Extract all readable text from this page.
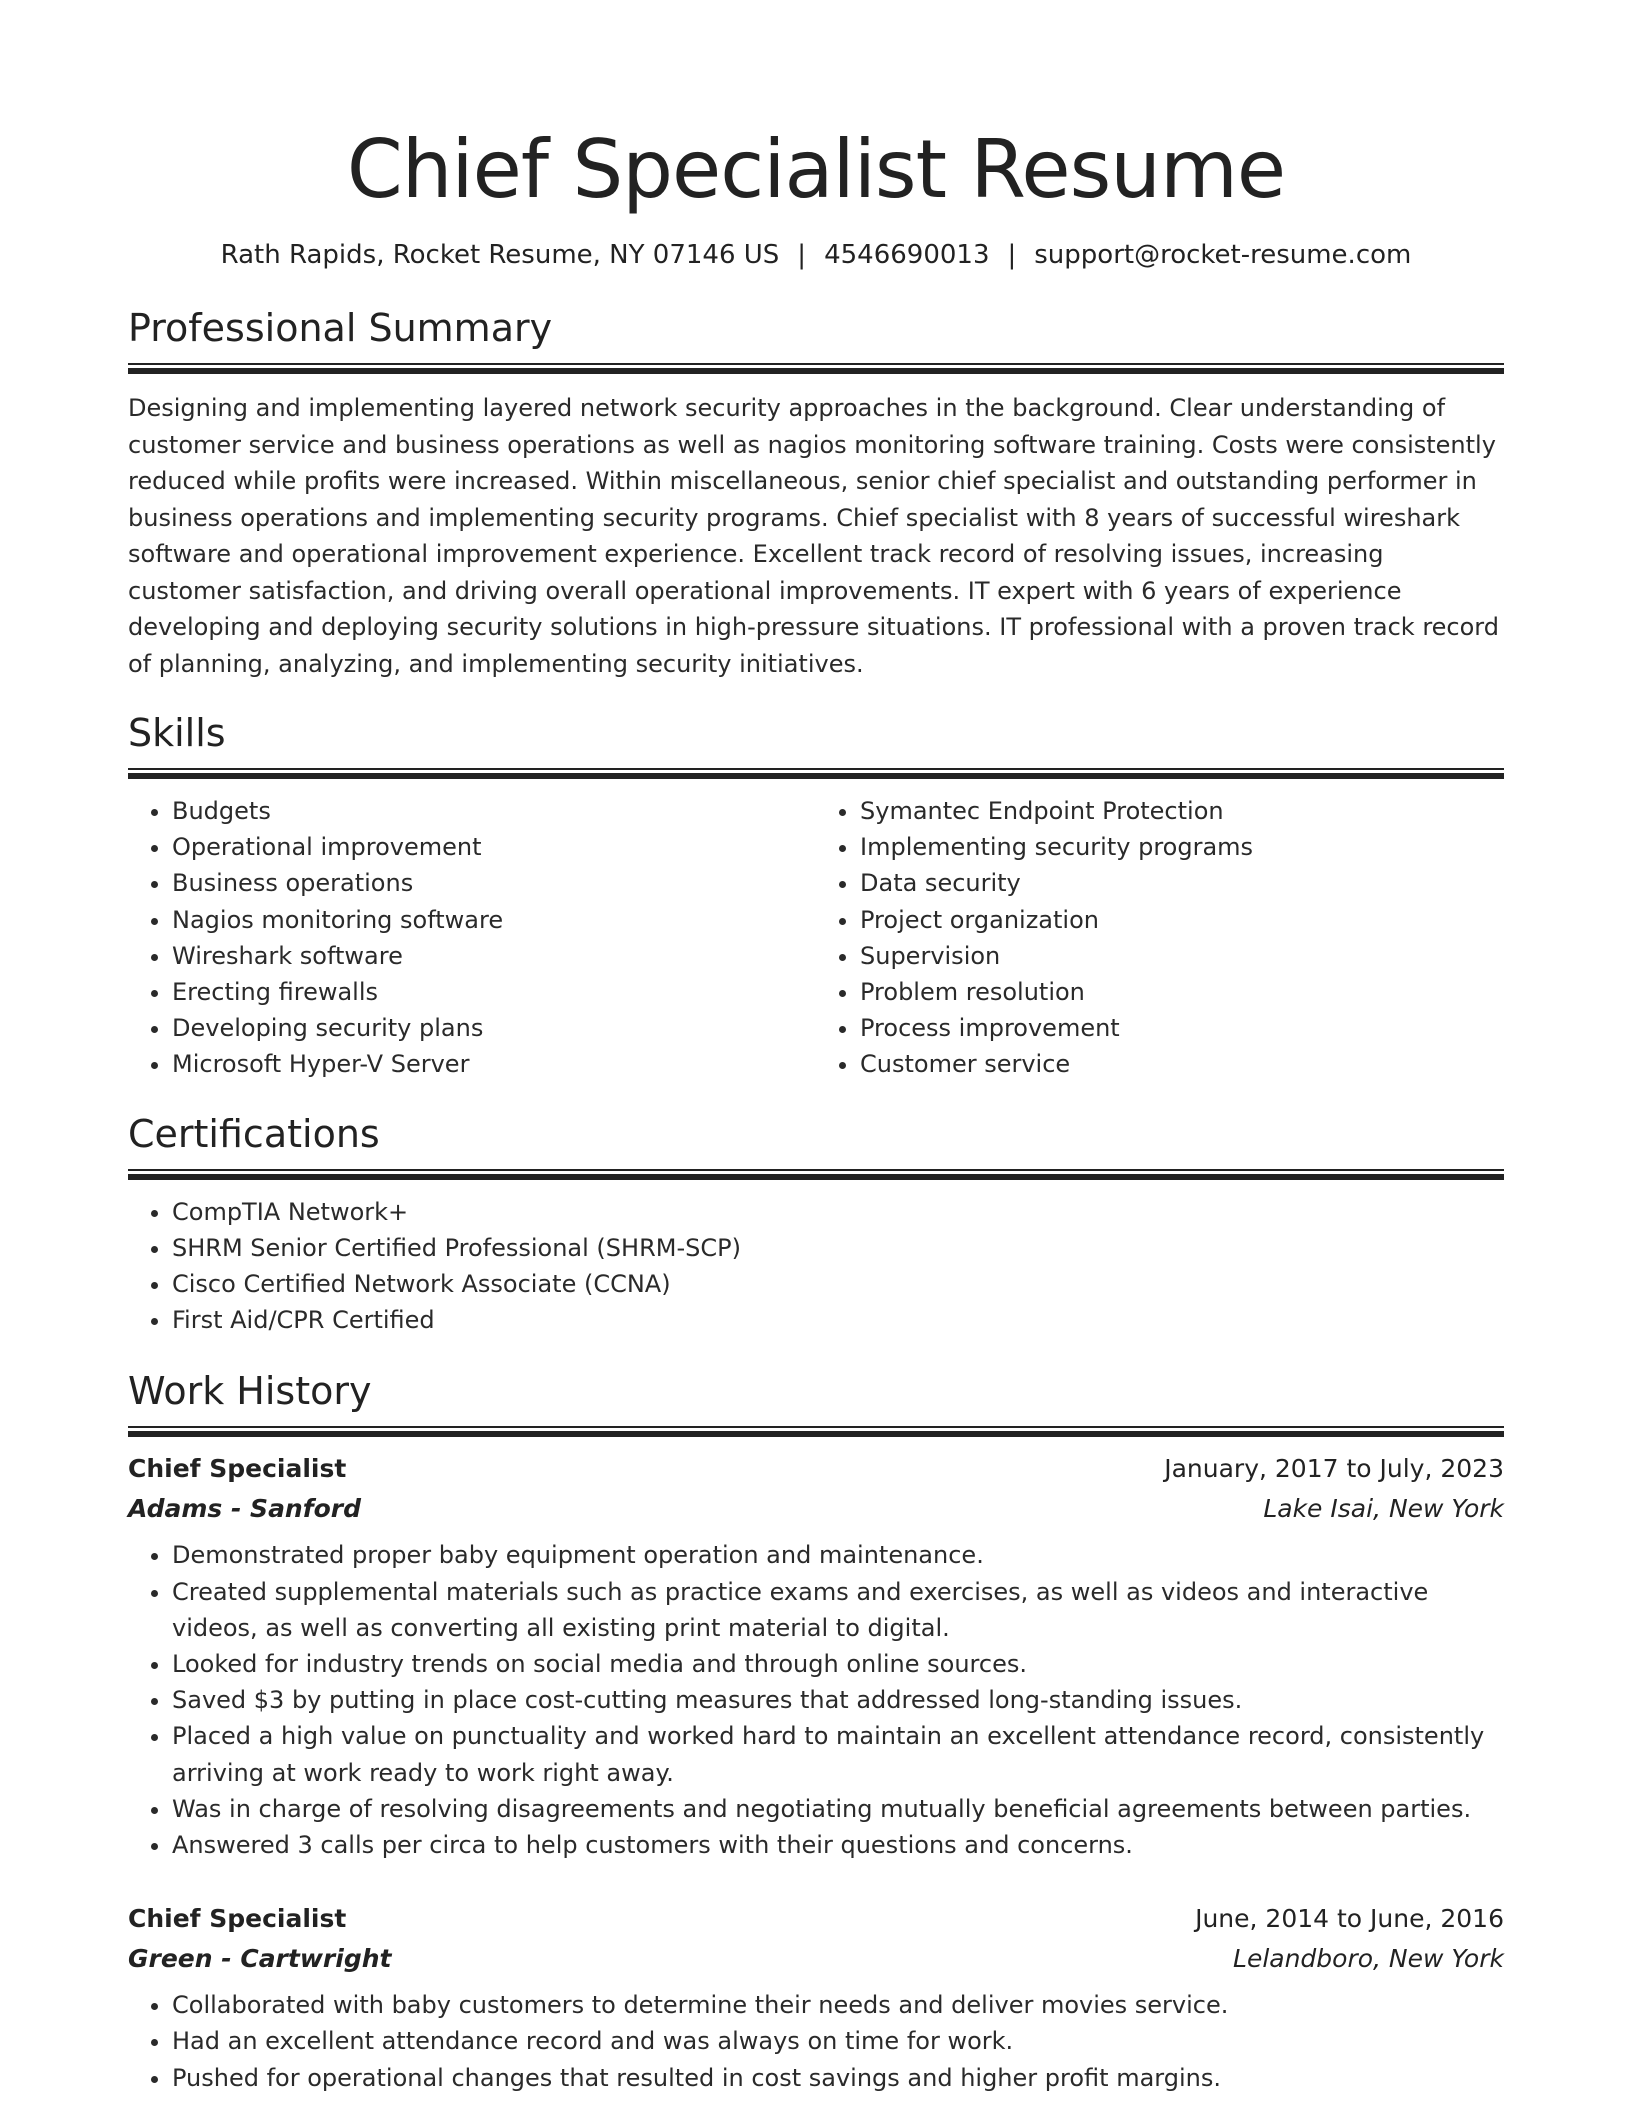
Chief Specialist Resume
Rath Rapids, Rocket Resume, NY 07146 US | 4546690013 | support@rocket-resume.com
Professional Summary

Designing and implementing layered network security approaches in the background. Clear understanding of customer service and business operations as well as nagios monitoring software training. Costs were consistently reduced while profits were increased. Within miscellaneous, senior chief specialist and outstanding performer in business operations and implementing security programs. Chief specialist with 8 years of successful wireshark software and operational improvement experience. Excellent track record of resolving issues, increasing customer satisfaction, and driving overall operational improvements. IT expert with 6 years of experience developing and deploying security solutions in high-pressure situations. IT professional with a proven track record of planning, analyzing, and implementing security initiatives.

Skills
• Budgets
• Operational improvement
• Business operations
• Nagios monitoring software
• Wireshark software
• Erecting firewalls
• Developing security plans
• Microsoft Hyper-V Server
• Symantec Endpoint Protection
• Implementing security programs
• Data security
• Project organization
• Supervision
• Problem resolution
• Process improvement
• Customer service
Certifications
• CompTIA Network+
• SHRM Senior Certified Professional (SHRM-SCP)
• Cisco Certified Network Associate (CCNA)
• First Aid/CPR Certified
Work History
Chief Specialist	January, 2017 to July, 2023
Adams - Sanford	Lake Isai, New York
• Demonstrated proper baby equipment operation and maintenance.
• Created supplemental materials such as practice exams and exercises, as well as videos and interactive videos, as well as converting all existing print material to digital.
• Looked for industry trends on social media and through online sources.
• Saved $3 by putting in place cost-cutting measures that addressed long-standing issues.
• Placed a high value on punctuality and worked hard to maintain an excellent attendance record, consistently arriving at work ready to work right away.
• Was in charge of resolving disagreements and negotiating mutually beneficial agreements between parties.
• Answered 3 calls per circa to help customers with their questions and concerns.
Chief Specialist	June, 2014 to June, 2016
Green - Cartwright	Lelandboro, New York
• Collaborated with baby customers to determine their needs and deliver movies service.
• Had an excellent attendance record and was always on time for work.
• Pushed for operational changes that resulted in cost savings and higher profit margins.
